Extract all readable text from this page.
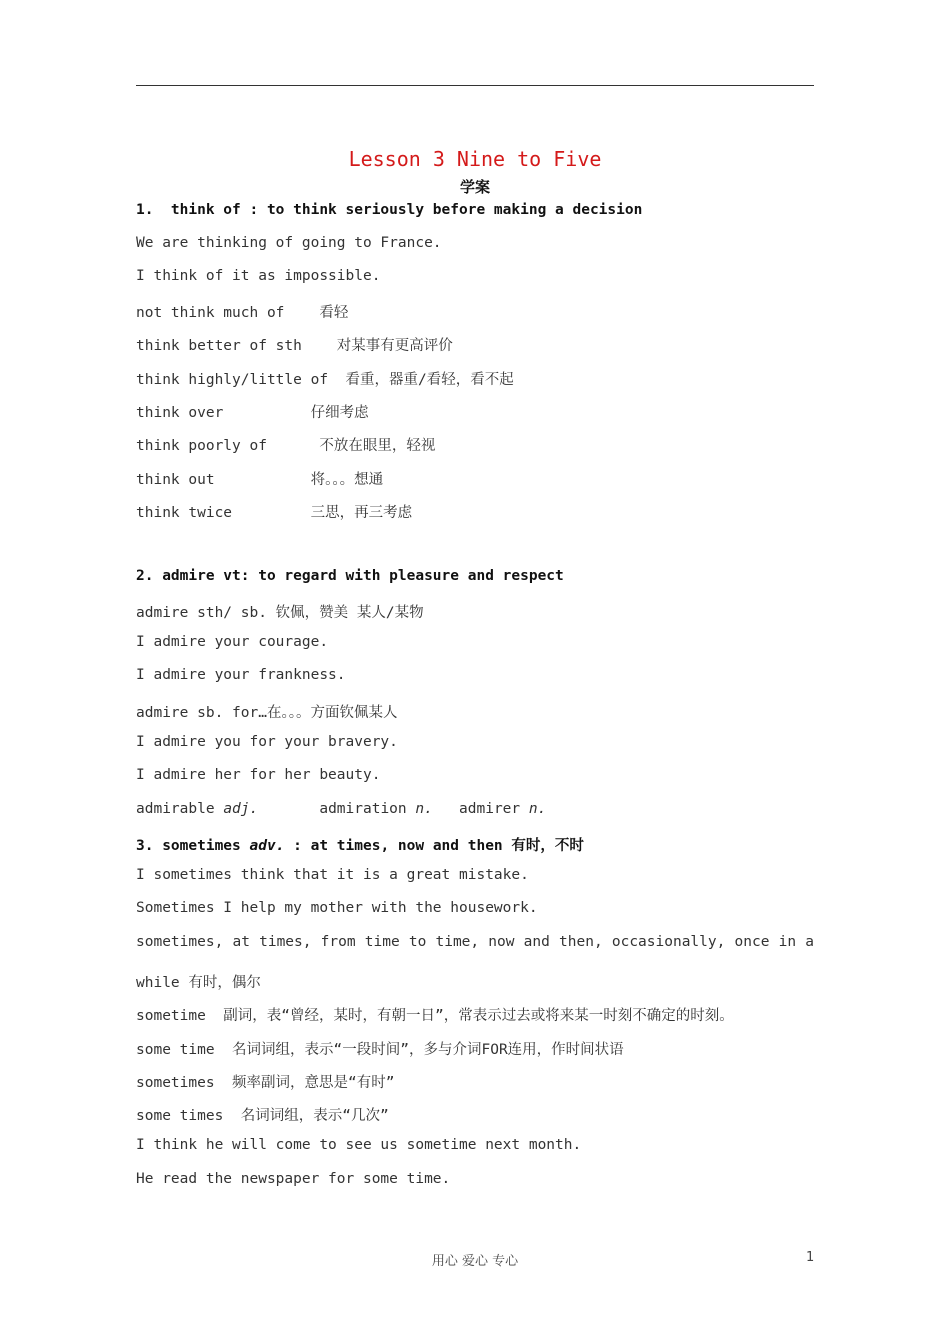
Lesson 3 Nine to Five
学案
1.  think of : to think seriously before making a decision
We are thinking of going to France.
I think of it as impossible.
not think much of    看轻
think better of sth    对某事有更高评价
think highly/little of  看重，器重/看轻，看不起
think over          仔细考虑
think poorly of      不放在眼里，轻视
think out           将。。。想通
think twice         三思，再三考虑
2. admire vt: to regard with pleasure and respect
admire sth/ sb. 钦佩，赞美 某人/某物
I admire your courage.
I admire your frankness.
admire sb. for…在。。。方面钦佩某人
I admire you for your bravery.
I admire her for her beauty.
admirable adj.       admiration n.   admirer n.
3. sometimes adv. : at times, now and then 有时，不时
I sometimes think that it is a great mistake.
Sometimes I help my mother with the housework.
sometimes, at times, from time to time, now and then, occasionally, once in a
while 有时，偶尔
sometime  副词，表“曾经，某时，有朝一日”，常表示过去或将来某一时刻不确定的时刻。
some time  名词词组，表示“一段时间”，多与介词FOR连用，作时间状语
sometimes  频率副词，意思是“有时”
some times  名词词组，表示“几次”
I think he will come to see us sometime next month.
He read the newspaper for some time.
用心 爱心 专心	1
